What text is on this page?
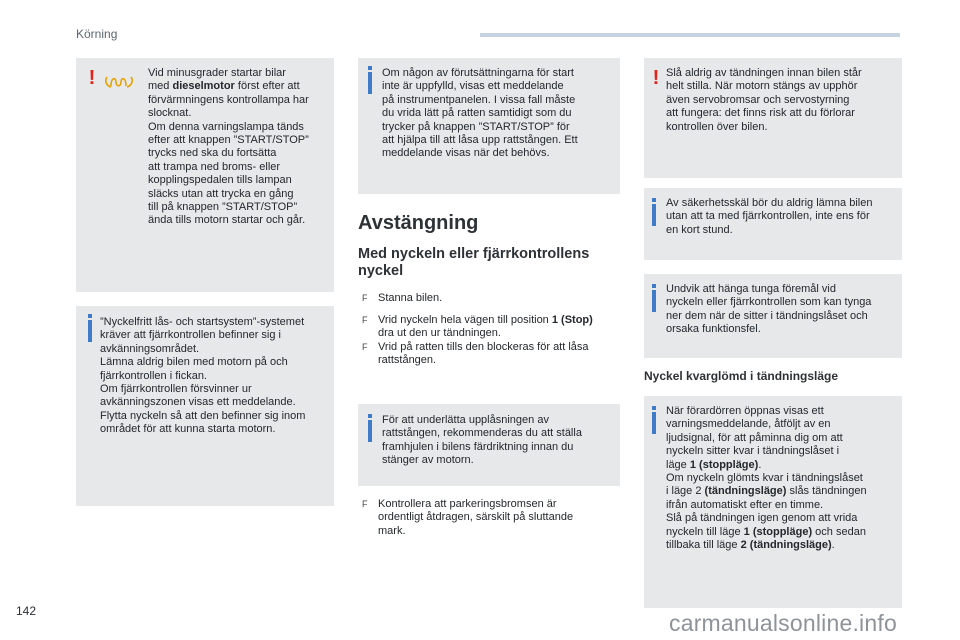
Körning
!	Vid minusgrader startar bilar
med dieselmotor först efter att
förvärmningens kontrollampa har
slocknat.

Om denna varningslampa tänds
efter att knappen ”START/STOP”
trycks ned ska du fortsätta
att trampa ned broms- eller
kopplingspedalen tills lampan
släcks utan att trycka en gång
till på knappen ”START/STOP”
ända tills motorn startar och går.

”Nyckelfritt lås- och startsystem”-systemet
kräver att fjärrkontrollen befinner sig i
avkänningsområdet.
Lämna aldrig bilen med motorn på och
fjärrkontrollen i fickan.
Om fjärrkontrollen försvinner ur
avkänningszonen visas ett meddelande.
Flytta nyckeln så att den befinner sig inom
området för att kunna starta motorn.

Om någon av förutsättningarna för start
inte är uppfylld, visas ett meddelande
på instrumentpanelen. I vissa fall måste
du vrida lätt på ratten samtidigt som du
trycker på knappen ”START/STOP” för
att hjälpa till att låsa upp rattstången. Ett
meddelande visas när det behövs.

Avstängning
Med nyckeln eller fjärrkontrollens
nyckel
F Stanna bilen.
F Vrid nyckeln hela vägen till position 1 (Stop)
dra ut den ur tändningen.
F Vrid på ratten tills den blockeras för att låsa
rattstången.

För att underlätta upplåsningen av
rattstången, rekommenderas du att ställa
framhjulen i bilens färdriktning innan du
stänger av motorn.

F Kontrollera att parkeringsbromsen är
ordentligt åtdragen, särskilt på sluttande
mark.
! Slå aldrig av tändningen innan bilen står
helt stilla. När motorn stängs av upphör
även servobromsar och servostyrning
att fungera: det finns risk att du förlorar
kontrollen över bilen.

Av säkerhetsskäl bör du aldrig lämna bilen
utan att ta med fjärrkontrollen, inte ens för
en kort stund.

Undvik att hänga tunga föremål vid
nyckeln eller fjärrkontrollen som kan tynga
ner dem när de sitter i tändningslåset och
orsaka funktionsfel.

Nyckel kvarglömd i tändningsläge

När förardörren öppnas visas ett
varningsmeddelande, åtföljt av en
ljudsignal, för att påminna dig om att
nyckeln sitter kvar i tändningslåset i
läge 1 (stoppläge).
Om nyckeln glömts kvar i tändningslåset
i läge 2 (tändningsläge) slås tändningen
ifrån automatiskt efter en timme.
Slå på tändningen igen genom att vrida
nyckeln till läge 1 (stoppläge) och sedan
tillbaka till läge 2 (tändningsläge).

142	carmanualsonline.info
